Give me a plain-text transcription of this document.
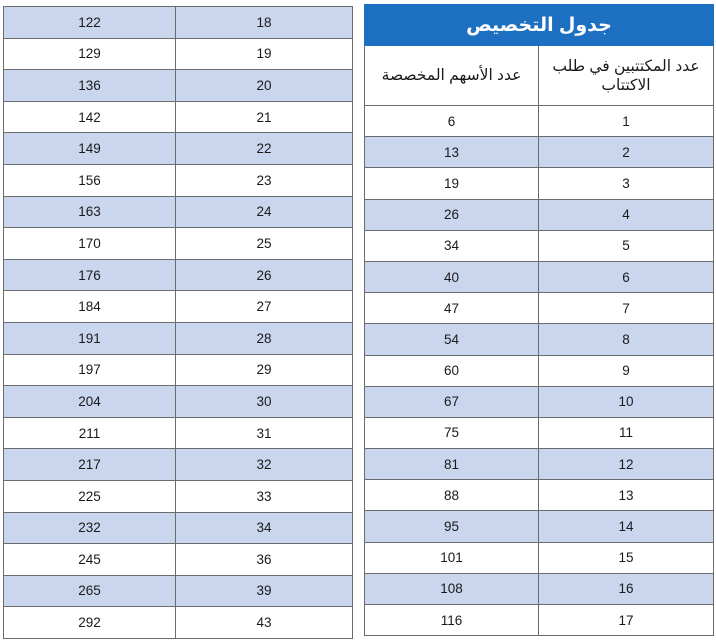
122	18
129	19
136	20
142	21
149	22
156	23
163	24
170	25
176	26
184	27
191	28
197	29
204	30
211	31
217	32
225	33
232	34
245	36
265	39
292	43
جدول التخصيص	
عدد الأسهم المخصصة	عدد المكتتبين في طلب الاكتتاب
6	1
13	2
19	3
26	4
34	5
40	6
47	7
54	8
60	9
67	10
75	11
81	12
88	13
95	14
101	15
108	16
116	17
